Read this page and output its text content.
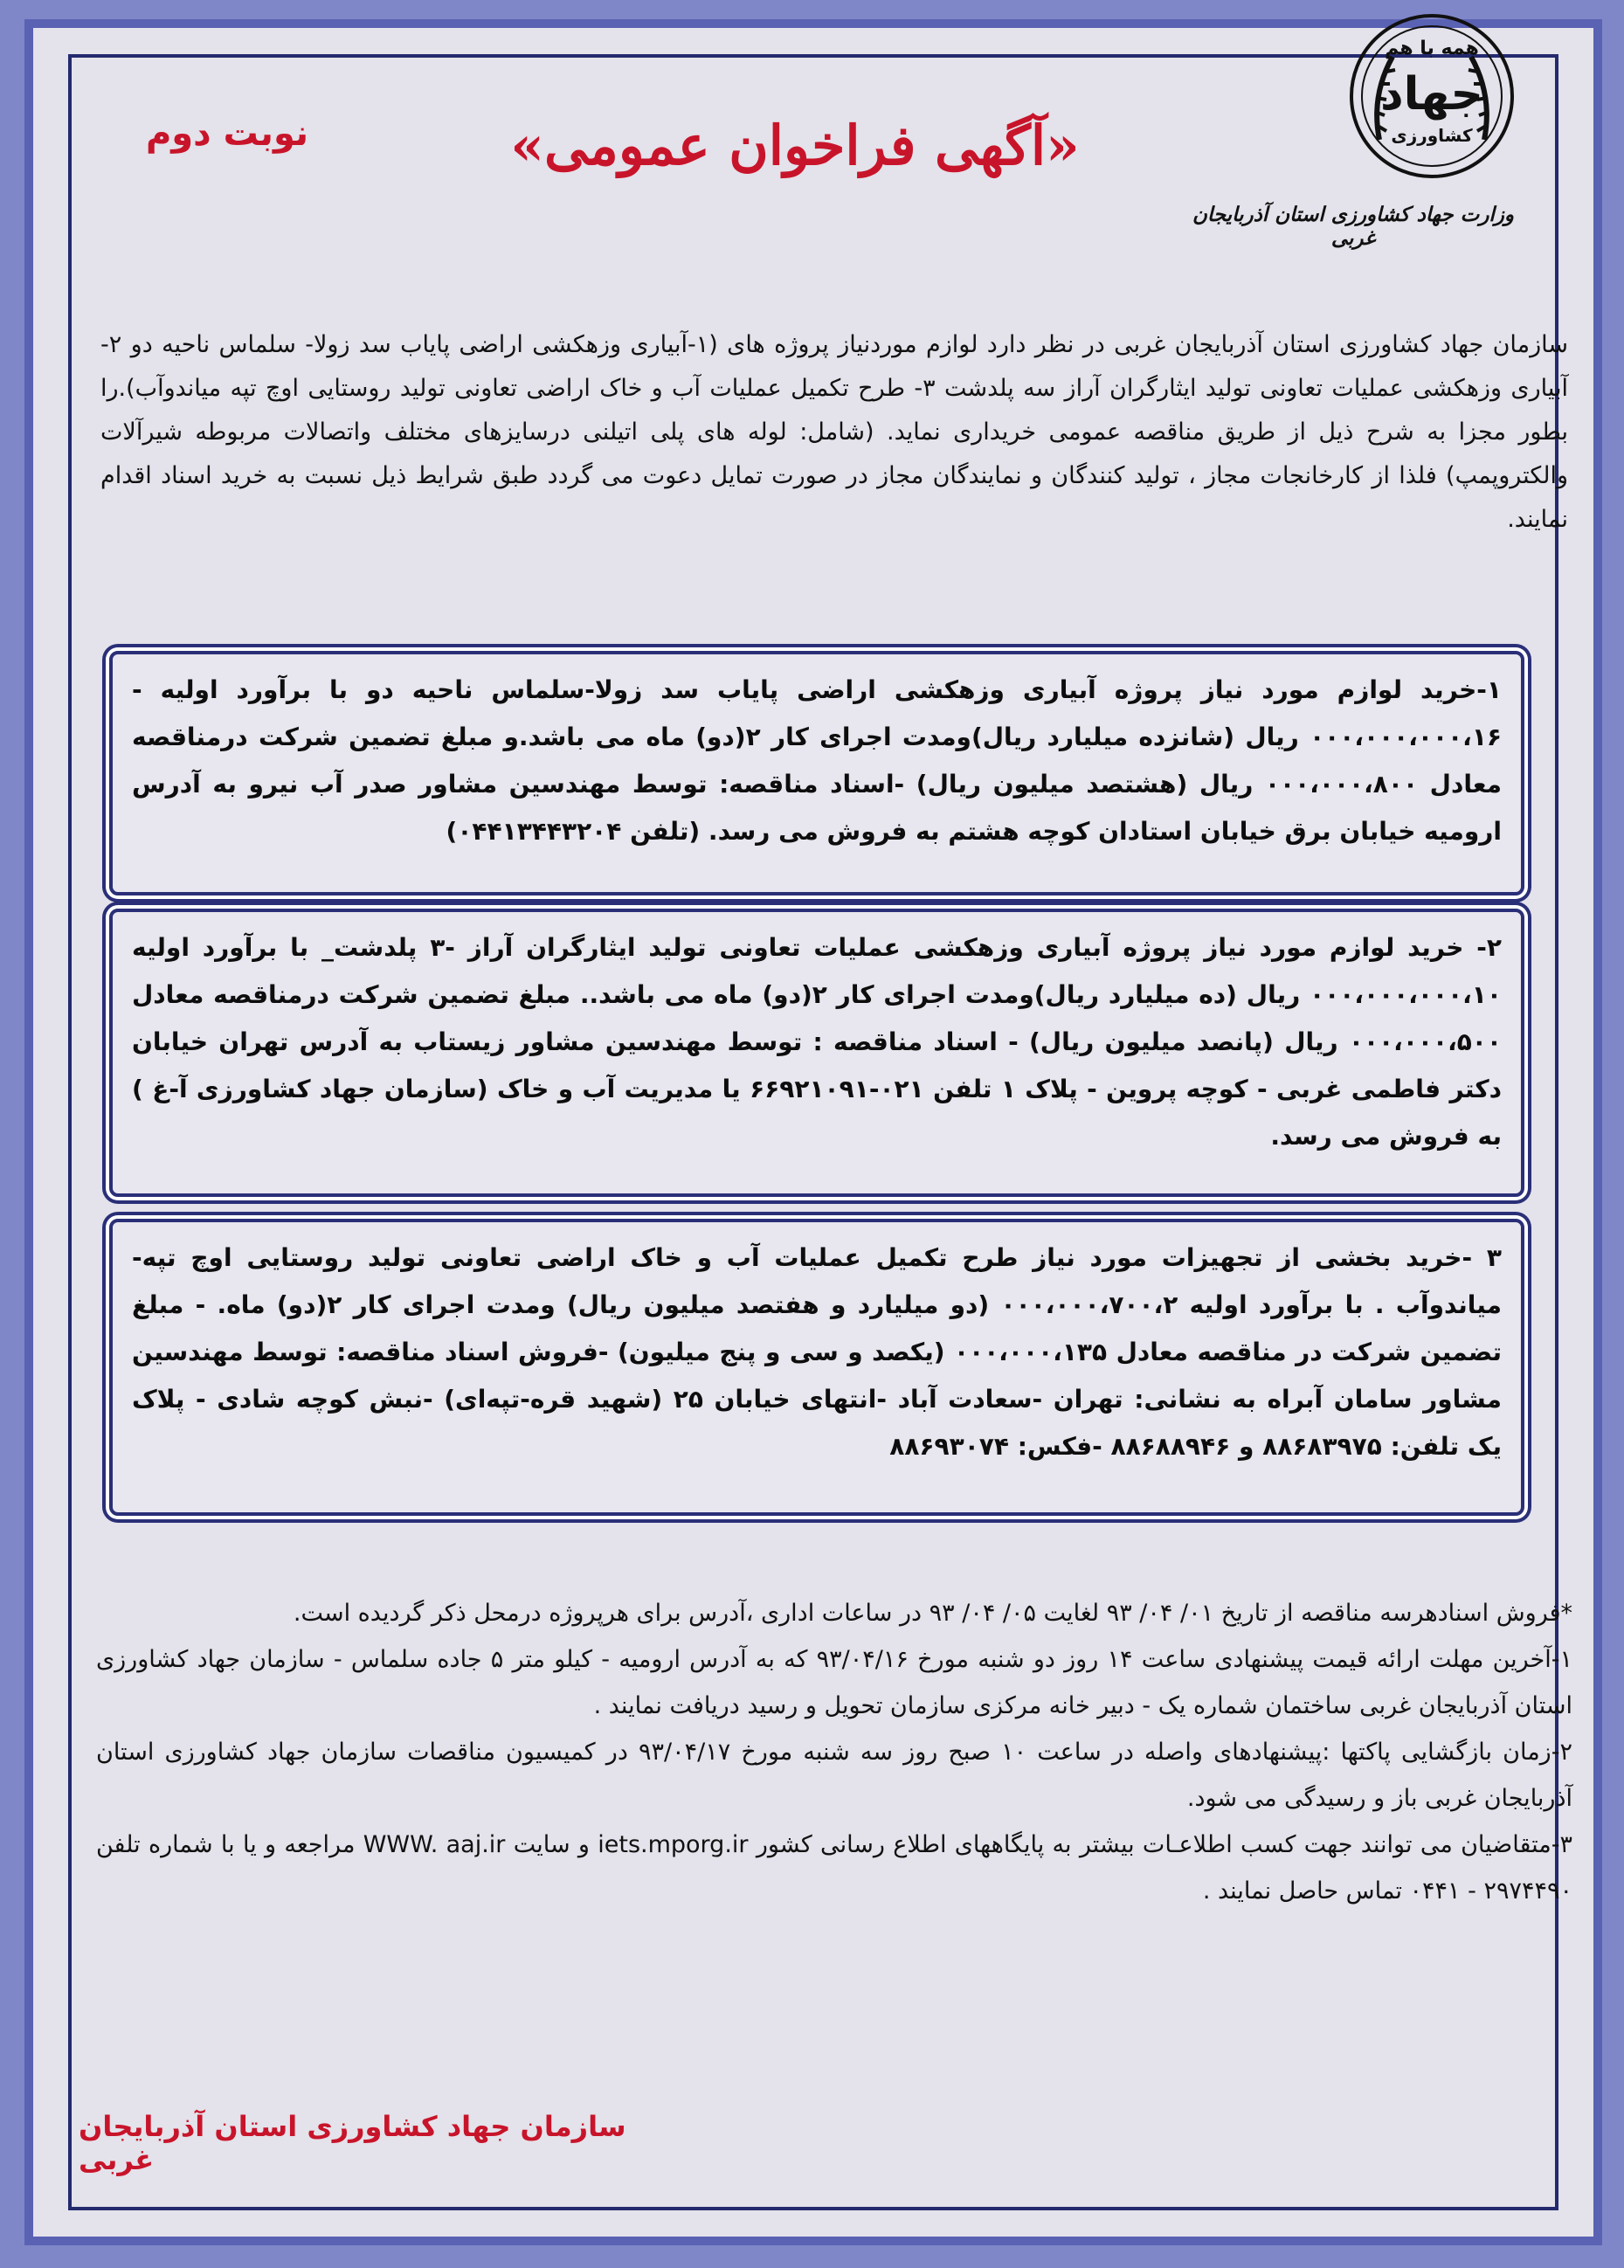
همه با هم
جهاد
کشاورزی
وزارت جهاد کشاورزی استان آذربایجان غربی
«آگهی فراخوان عمومی»
نوبت دوم
سازمان جهاد کشاورزی استان آذربایجان غربی در نظر دارد لوازم موردنیاز پروژه های (۱-آبیاری وزهکشی اراضی پایاب سد زولا- سلماس ناحیه دو ۲- آبیاری وزهکشی عملیات تعاونی تولید ایثارگران آراز سه پلدشت ۳- طرح تکمیل عملیات آب و خاک اراضی تعاونی تولید روستایی اوچ تپه میاندوآب).را بطور مجزا به شرح ذیل از طریق مناقصه عمومی خریداری نماید. (شامل: لوله های پلی اتیلنی درسایزهای مختلف واتصالات مربوطه شیرآلات والکتروپمپ) فلذا از کارخانجات مجاز ، تولید کنندگان و نمایندگان مجاز در صورت تمایل دعوت می گردد طبق شرایط ذیل نسبت به خرید اسناد اقدام نمایند.
۱-خرید لوازم مورد نیاز پروژه آبیاری وزهکشی اراضی پایاب سد زولا-سلماس ناحیه دو با برآورد اولیه - ۰۰۰،۰۰۰،۰۰۰،۱۶ ریال (شانزده میلیارد ریال)ومدت اجرای کار ۲(دو) ماه می باشد.و مبلغ تضمین شرکت درمناقصه معادل ۰۰۰،۰۰۰،۸۰۰ ریال (هشتصد میلیون ریال) -اسناد مناقصه: توسط مهندسین مشاور صدر آب نیرو به آدرس ارومیه خیابان برق خیابان استادان کوچه هشتم به فروش می رسد. (تلفن ۰۴۴۱۳۴۴۳۲۰۴)
۲- خرید لوازم مورد نیاز پروژه آبیاری وزهکشی عملیات تعاونی تولید ایثارگران آراز -۳ پلدشت_ با برآورد اولیه ۰۰۰،۰۰۰،۰۰۰،۱۰ ریال (ده میلیارد ریال)ومدت اجرای کار ۲(دو) ماه می باشد.. مبلغ تضمین شرکت درمناقصه معادل ۰۰۰،۰۰۰،۵۰۰ ریال (پانصد میلیون ریال) - اسناد مناقصه : توسط مهندسین مشاور زیستاب به آدرس تهران خیابان دکتر فاطمی غربی - کوچه پروین - پلاک ۱ تلفن ۰۲۱-۶۶۹۲۱۰۹۱ یا مدیریت آب و خاک (سازمان جهاد کشاورزی آ-غ ) به فروش می رسد.
۳ -خرید بخشی از تجهیزات مورد نیاز طرح تکمیل عملیات آب و خاک اراضی تعاونی تولید روستایی اوچ تپه- میاندوآب . با برآورد اولیه ۰۰۰،۰۰۰،۷۰۰،۲ (دو میلیارد و هفتصد میلیون ریال) ومدت اجرای کار ۲(دو) ماه. - مبلغ تضمین شرکت در مناقصه معادل ۰۰۰،۰۰۰،۱۳۵ (یکصد و سی و پنج میلیون) -فروش اسناد مناقصه: توسط مهندسین مشاور سامان آبراه به نشانی: تهران -سعادت آباد -انتهای خیابان ۲۵ (شهید قره-تپه‌ای) -نبش کوچه شادی - پلاک یک تلفن: ۸۸۶۸۳۹۷۵ و ۸۸۶۸۸۹۴۶ -فکس: ۸۸۶۹۳۰۷۴

*فروش اسنادهرسه مناقصه از تاریخ ۰۱/ ۰۴/ ۹۳ لغایت ۰۵/ ۰۴/ ۹۳ در ساعات اداری ،آدرس برای هرپروژه درمحل ذکر گردیده است.

۱-آخرین مهلت ارائه قیمت پیشنهادی ساعت ۱۴ روز دو شنبه مورخ ۹۳/۰۴/۱۶ که به آدرس ارومیه - کیلو متر ۵ جاده سلماس - سازمان جهاد کشاورزی استان آذربایجان غربی ساختمان شماره یک - دبیر خانه مرکزی سازمان تحویل و رسید دریافت نمایند .

۲-زمان بازگشایی پاکتها :پیشنهادهای واصله در ساعت ۱۰ صبح روز سه شنبه مورخ ۹۳/۰۴/۱۷ در کمیسیون مناقصات سازمان جهاد کشاورزی استان آذربایجان غربی باز و رسیدگی می شود.

۳-متقاضیان می توانند جهت کسب اطلاعـات بیشتر به پایگاههای اطلاع رسانی کشور iets.mporg.ir و سایت WWW. aaj.ir مراجعه و یا با شماره تلفن ۲۹۷۴۴۹۰ - ۰۴۴۱ تماس حاصل نمایند .

سازمان جهاد کشاورزی استان آذربایجان غربی
